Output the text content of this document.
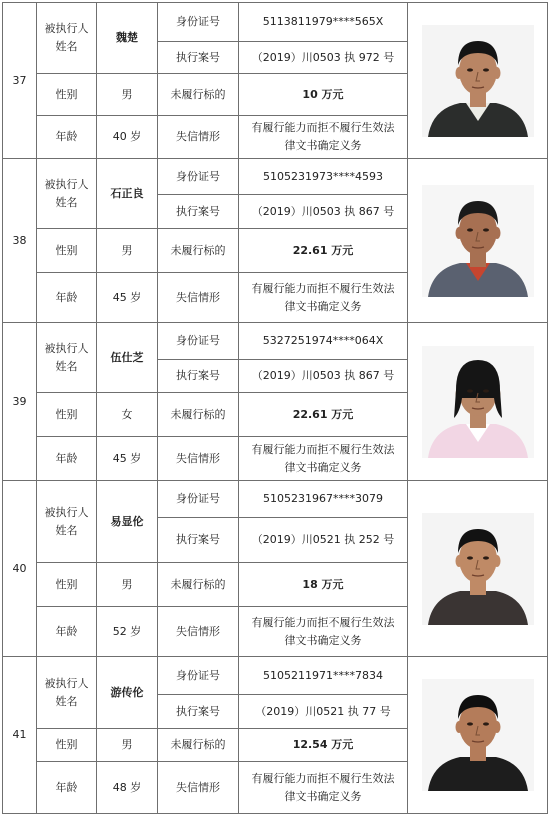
37	被执行人姓名	魏楚	身份证号	5113811979****565X	

			执行案号	（2019）川0503 执 972 号	
	性别	男	未履行标的	10 万元	
	年龄	40 岁	失信情形	有履行能力而拒不履行生效法律文书确定义务	
38	被执行人姓名	石正良	身份证号	5105231973****4593	

			执行案号	（2019）川0503 执 867 号	
	性别	男	未履行标的	22.61 万元	
	年龄	45 岁	失信情形	有履行能力而拒不履行生效法律文书确定义务	
39	被执行人姓名	伍仕芝	身份证号	5327251974****064X	

			执行案号	（2019）川0503 执 867 号	
	性别	女	未履行标的	22.61 万元	
	年龄	45 岁	失信情形	有履行能力而拒不履行生效法律文书确定义务	
40	被执行人姓名	易显伦	身份证号	5105231967****3079	

			执行案号	（2019）川0521 执 252 号	
	性别	男	未履行标的	18 万元	
	年龄	52 岁	失信情形	有履行能力而拒不履行生效法律文书确定义务	
41	被执行人姓名	游传伦	身份证号	5105211971****7834	

			执行案号	（2019）川0521 执 77 号	
	性别	男	未履行标的	12.54 万元	
	年龄	48 岁	失信情形	有履行能力而拒不履行生效法律文书确定义务	
